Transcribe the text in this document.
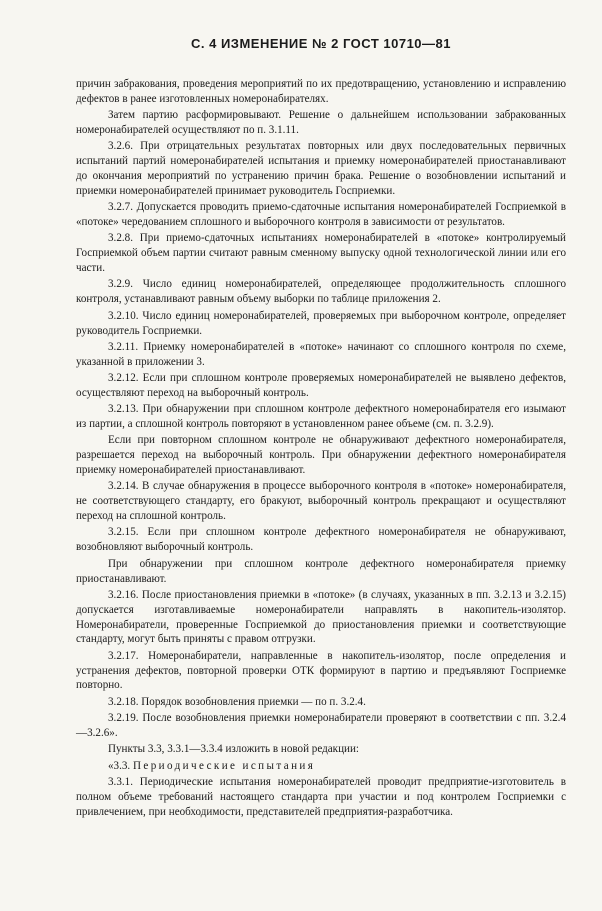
С. 4 ИЗМЕНЕНИЕ № 2 ГОСТ 10710—81

причин забракования, проведения мероприятий по их предотвращению, установлению и исправлению дефектов в ранее изготовленных номеронабирателях.

Затем партию расформировывают. Решение о дальнейшем использовании забракованных номеронабирателей осуществляют по п. 3.1.11.

3.2.6. При отрицательных результатах повторных или двух последовательных первичных испытаний партий номеронабирателей испытания и приемку номеронабирателей приостанавливают до окончания мероприятий по устранению причин брака. Решение о возобновлении испытаний и приемки номеронабирателей принимает руководитель Госприемки.

3.2.7. Допускается проводить приемо-сдаточные испытания номеронабирателей Госприемкой в «потоке» чередованием сплошного и выборочного контроля в зависимости от результатов.

3.2.8. При приемо-сдаточных испытаниях номеронабирателей в «потоке» контролируемый Госприемкой объем партии считают равным сменному выпуску одной технологической линии или его части.

3.2.9. Число единиц номеронабирателей, определяющее продолжительность сплошного контроля, устанавливают равным объему выборки по таблице приложения 2.

3.2.10. Число единиц номеронабирателей, проверяемых при выборочном контроле, определяет руководитель Госприемки.

3.2.11. Приемку номеронабирателей в «потоке» начинают со сплошного контроля по схеме, указанной в приложении 3.

3.2.12. Если при сплошном контроле проверяемых номеронабирателей не выявлено дефектов, осуществляют переход на выборочный контроль.

3.2.13. При обнаружении при сплошном контроле дефектного номеронабирателя его изымают из партии, а сплошной контроль повторяют в установленном ранее объеме (см. п. 3.2.9).

Если при повторном сплошном контроле не обнаруживают дефектного номеронабирателя, разрешается переход на выборочный контроль. При обнаружении дефектного номеронабирателя приемку номеронабирателей приостанавливают.

3.2.14. В случае обнаружения в процессе выборочного контроля в «потоке» номеронабирателя, не соответствующего стандарту, его бракуют, выборочный контроль прекращают и осуществляют переход на сплошной контроль.

3.2.15. Если при сплошном контроле дефектного номеронабирателя не обнаруживают, возобновляют выборочный контроль.

При обнаружении при сплошном контроле дефектного номеронабирателя приемку приостанавливают.

3.2.16. После приостановления приемки в «потоке» (в случаях, указанных в пп. 3.2.13 и 3.2.15) допускается изготавливаемые номеронабиратели направлять в накопитель-изолятор. Номеронабиратели, проверенные Госприемкой до приостановления приемки и соответствующие стандарту, могут быть приняты с правом отгрузки.

3.2.17. Номеронабиратели, направленные в накопитель-изолятор, после определения и устранения дефектов, повторной проверки ОТК формируют в партию и предъявляют Госприемке повторно.

3.2.18. Порядок возобновления приемки — по п. 3.2.4.

3.2.19. После возобновления приемки номеронабиратели проверяют в соответствии с пп. 3.2.4—3.2.6».

Пункты 3.3, 3.3.1—3.3.4 изложить в новой редакции:

«3.3. Периодические испытания

3.3.1. Периодические испытания номеронабирателей проводит предприятие-изготовитель в полном объеме требований настоящего стандарта при участии и под контролем Госприемки с привлечением, при необходимости, представителей предприятия-разработчика.
